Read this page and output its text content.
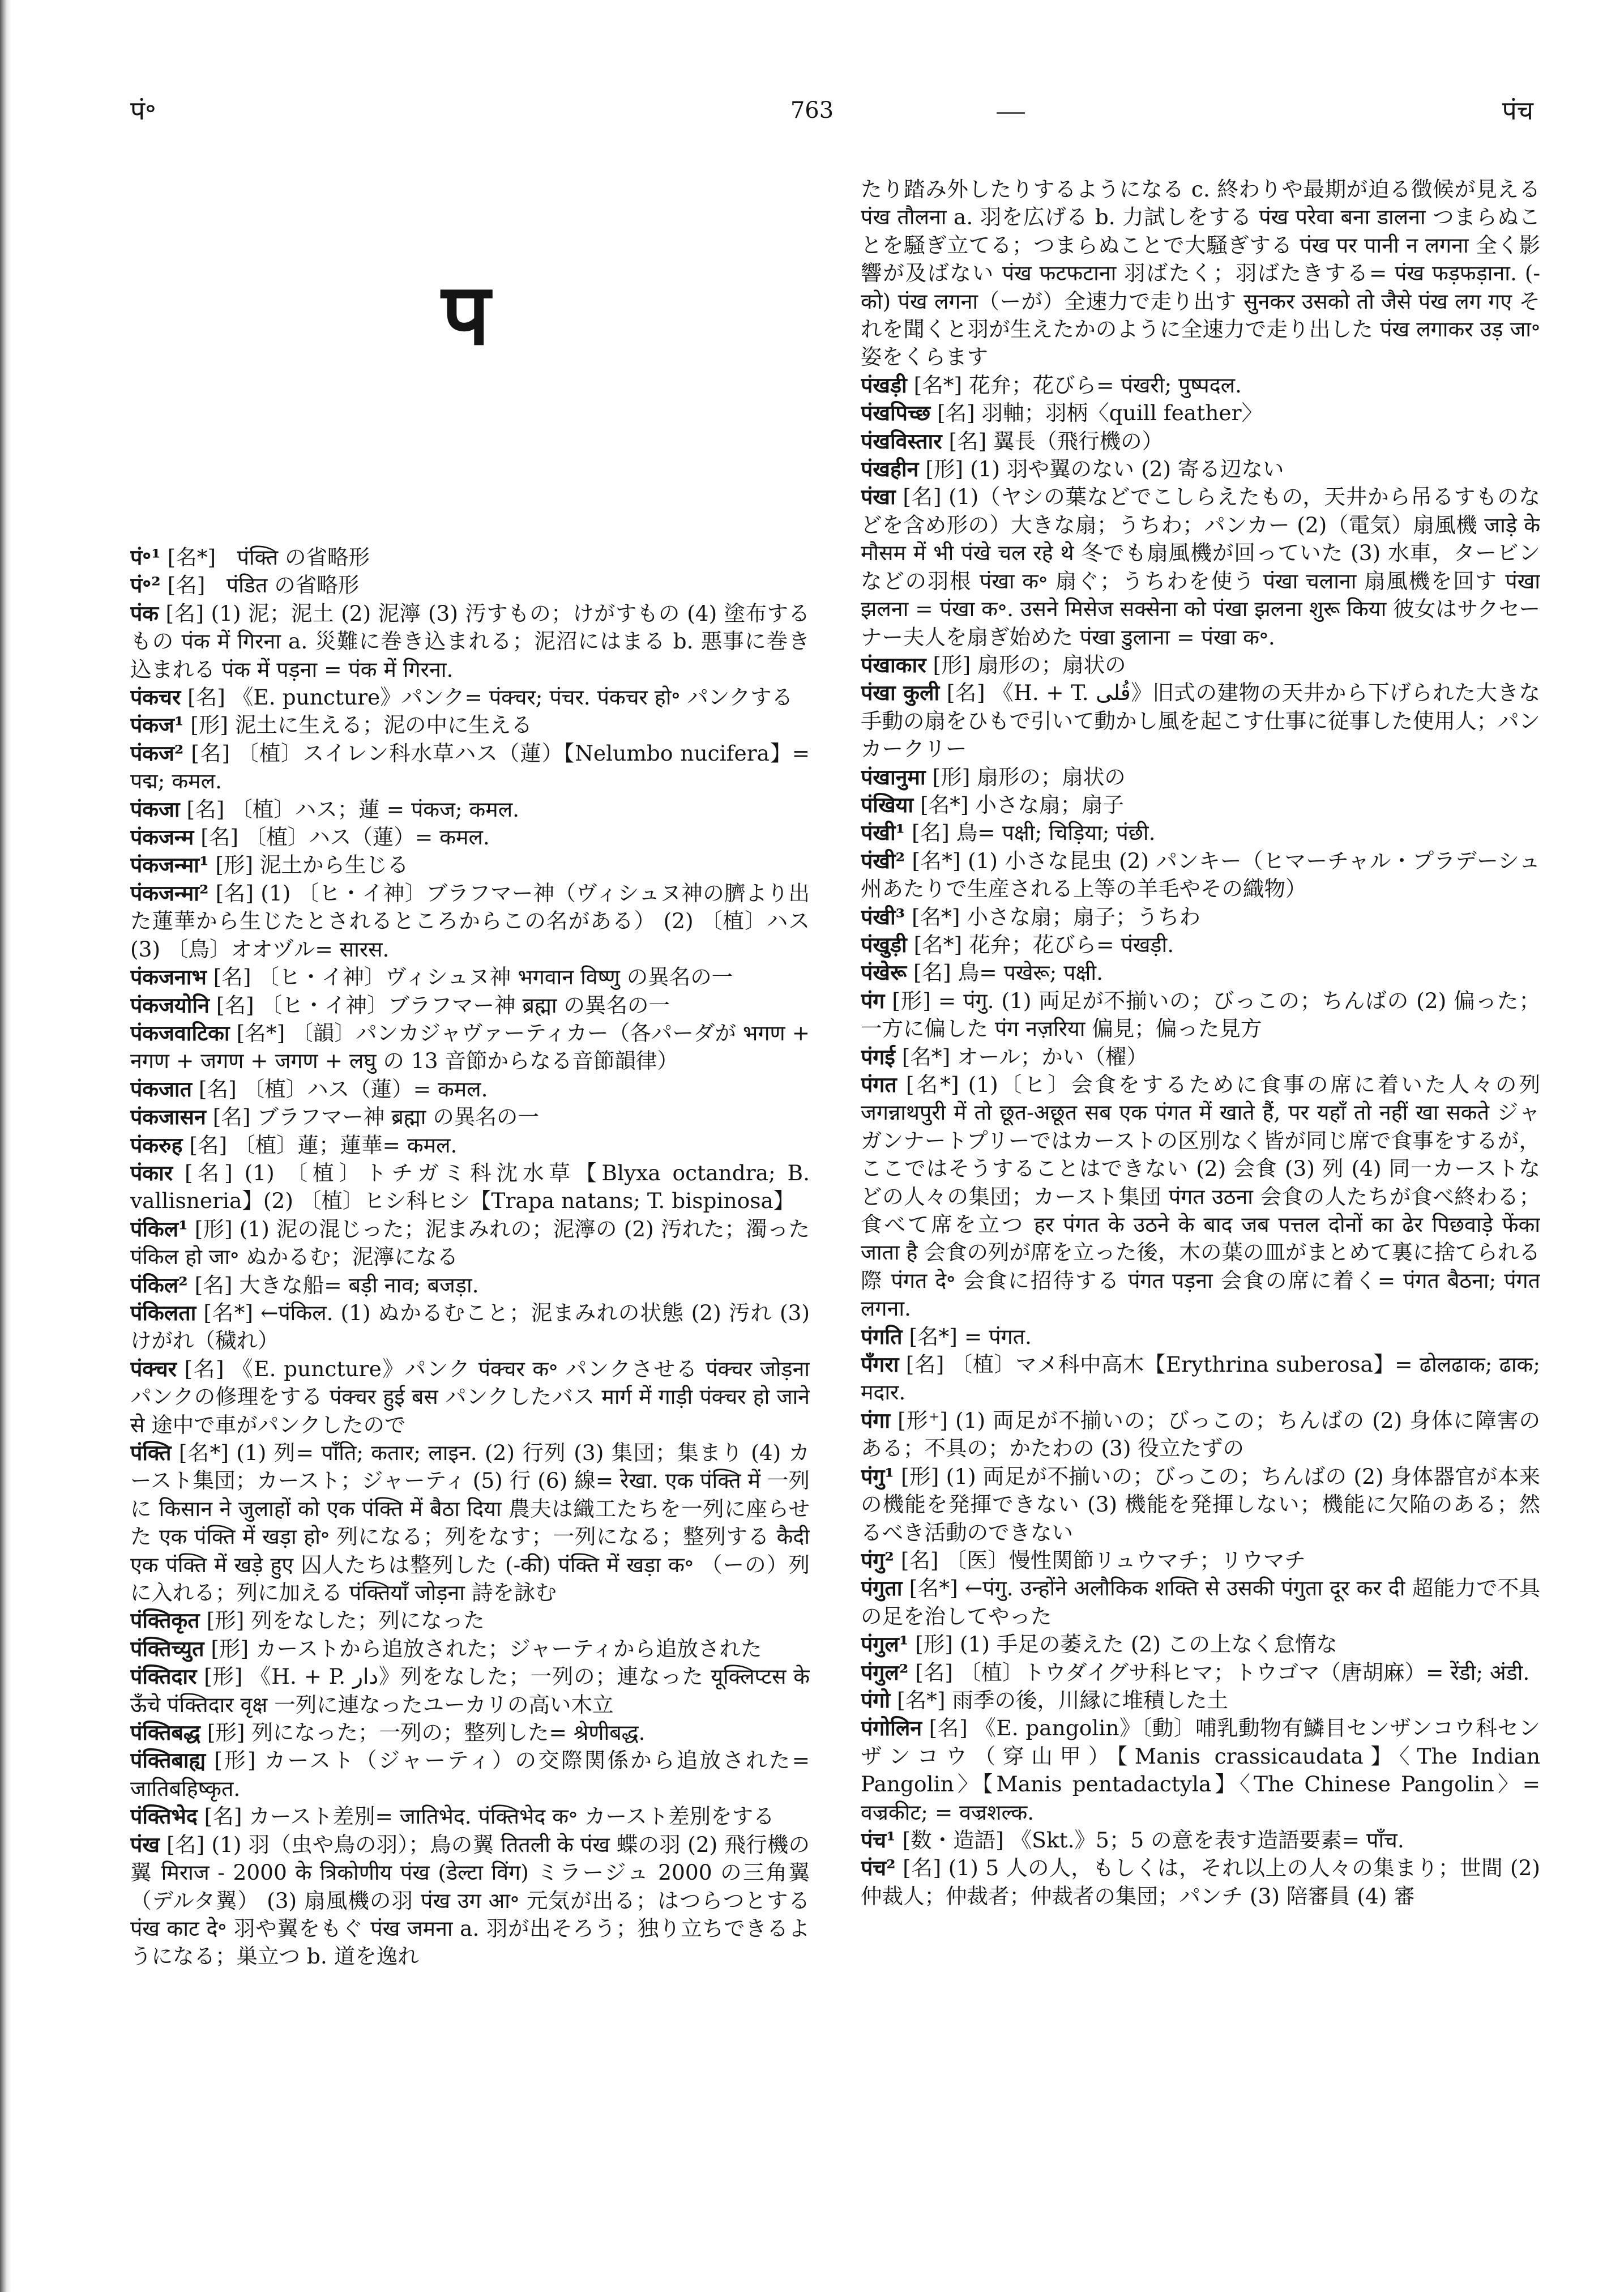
पं॰	763	पंच
प

पं॰¹ [名*]　पंक्ति の省略形

पं॰² [名]　पंडित の省略形

पंक [名] (1) 泥；泥土 (2) 泥濘 (3) 汚すもの；けがすもの (4) 塗布するもの पंक में गिरना a. 災難に巻き込まれる；泥沼にはまる b. 悪事に巻き込まれる पंक में पड़ना = पंक में गिरना.

पंकचर [名] 《E. puncture》パンク= पंक्चर; पंचर. पंकचर हो॰ パンクする

पंकज¹ [形] 泥土に生える；泥の中に生える

पंकज² [名] 〔植〕スイレン科水草ハス（蓮）【Nelumbo nucifera】= पद्म; कमल.

पंकजा [名] 〔植〕ハス；蓮 = पंकज; कमल.

पंकजन्म [名] 〔植〕ハス（蓮）= कमल.

पंकजन्मा¹ [形] 泥土から生じる

पंकजन्मा² [名] (1) 〔ヒ・イ神〕ブラフマー神（ヴィシュヌ神の臍より出た蓮華から生じたとされるところからこの名がある） (2) 〔植〕ハス (3) 〔鳥〕オオヅル= सारस.

पंकजनाभ [名] 〔ヒ・イ神〕ヴィシュヌ神 भगवान विष्णु の異名の一

पंकजयोनि [名] 〔ヒ・イ神〕ブラフマー神 ब्रह्मा の異名の一

पंकजवाटिका [名*] 〔韻〕パンカジャヴァーティカー（各パーダが भगण + नगण + जगण + जगण + लघु の 13 音節からなる音節韻律）

पंकजात [名] 〔植〕ハス（蓮）= कमल.

पंकजासन [名] ブラフマー神 ब्रह्मा の異名の一

पंकरुह [名] 〔植〕蓮；蓮華= कमल.

पंकार [名] (1) 〔植〕トチガミ科沈水草【Blyxa octandra; B. vallisneria】(2) 〔植〕ヒシ科ヒシ【Trapa natans; T. bispinosa】

पंकिल¹ [形] (1) 泥の混じった；泥まみれの；泥濘の (2) 汚れた；濁った पंकिल हो जा॰ ぬかるむ；泥濘になる

पंकिल² [名] 大きな船= बड़ी नाव; बजड़ा.

पंकिलता [名*] ←पंकिल. (1) ぬかるむこと；泥まみれの状態 (2) 汚れ (3) けがれ（穢れ）

पंक्चर [名] 《E. puncture》パンク पंक्चर क॰ パンクさせる पंक्चर जोड़ना パンクの修理をする पंक्चर हुई बस パンクしたバス मार्ग में गाड़ी पंक्चर हो जाने से 途中で車がパンクしたので

पंक्ति [名*] (1) 列= पाँति; कतार; लाइन. (2) 行列 (3) 集団；集まり (4) カースト集団；カースト；ジャーティ (5) 行 (6) 線= रेखा. एक पंक्ति में 一列に किसान ने जुलाहों को एक पंक्ति में बैठा दिया 農夫は織工たちを一列に座らせた एक पंक्ति में खड़ा हो॰ 列になる；列をなす；一列になる；整列する कैदी एक पंक्ति में खड़े हुए 囚人たちは整列した (-की) पंक्ति में खड़ा क॰ （ーの）列に入れる；列に加える पंक्तियाँ जोड़ना 詩を詠む

पंक्तिकृत [形] 列をなした；列になった

पंक्तिच्युत [形] カーストから追放された；ジャーティから追放された

पंक्तिदार [形] 《H. + P. دار》列をなした；一列の；連なった यूक्लिप्टस के ऊँचे पंक्तिदार वृक्ष 一列に連なったユーカリの高い木立

पंक्तिबद्ध [形] 列になった；一列の；整列した= श्रेणीबद्ध.

पंक्तिबाह्य [形] カースト（ジャーティ）の交際関係から追放された= जातिबहिष्कृत.

पंक्तिभेद [名] カースト差別= जातिभेद. पंक्तिभेद क॰ カースト差別をする

पंख [名] (1) 羽（虫や鳥の羽）；鳥の翼 तितली के पंख 蝶の羽 (2) 飛行機の翼 मिराज - 2000 के त्रिकोणीय पंख (डेल्टा विंग) ミラージュ 2000 の三角翼（デルタ翼） (3) 扇風機の羽 पंख उग आ॰ 元気が出る；はつらつとする पंख काट दे॰ 羽や翼をもぐ पंख जमना a. 羽が出そろう；独り立ちできるようになる；巣立つ b. 道を逸れ

たり踏み外したりするようになる c. 終わりや最期が迫る徴候が見える पंख तौलना a. 羽を広げる b. 力試しをする पंख परेवा बना डालना つまらぬことを騒ぎ立てる；つまらぬことで大騒ぎする पंख पर पानी न लगना 全く影響が及ばない पंख फटफटाना 羽ばたく；羽ばたきする= पंख फड़फड़ाना. (-को) पंख लगना（ーが）全速力で走り出す सुनकर उसको तो जैसे पंख लग गए それを聞くと羽が生えたかのように全速力で走り出した पंख लगाकर उड़ जा॰ 姿をくらます

पंखड़ी [名*] 花弁；花びら= पंखरी; पुष्पदल.

पंखपिच्छ [名] 羽軸；羽柄〈quill feather〉

पंखविस्तार [名] 翼長（飛行機の）

पंखहीन [形] (1) 羽や翼のない (2) 寄る辺ない

पंखा [名] (1)（ヤシの葉などでこしらえたもの，天井から吊るすものなどを含め形の）大きな扇；うちわ；パンカー (2)（電気）扇風機 जाड़े के मौसम में भी पंखे चल रहे थे 冬でも扇風機が回っていた (3) 水車，タービンなどの羽根 पंखा क॰ 扇ぐ；うちわを使う पंखा चलाना 扇風機を回す पंखा झलना = पंखा क॰. उसने मिसेज सक्सेना को पंखा झलना शुरू किया 彼女はサクセーナー夫人を扇ぎ始めた पंखा डुलाना = पंखा क॰.

पंखाकार [形] 扇形の；扇状の

पंखा कुली [名] 《H. + T. قُلی》旧式の建物の天井から下げられた大きな手動の扇をひもで引いて動かし風を起こす仕事に従事した使用人；パンカークリー

पंखानुमा [形] 扇形の；扇状の

पंखिया [名*] 小さな扇；扇子

पंखी¹ [名] 鳥= पक्षी; चिड़िया; पंछी.

पंखी² [名*] (1) 小さな昆虫 (2) パンキー（ヒマーチャル・プラデーシュ州あたりで生産される上等の羊毛やその織物）

पंखी³ [名*] 小さな扇；扇子；うちわ

पंखुड़ी [名*] 花弁；花びら= पंखड़ी.

पंखेरू [名] 鳥= पखेरू; पक्षी.

पंग [形] = पंगु. (1) 両足が不揃いの；びっこの；ちんばの (2) 偏った；一方に偏した पंग नज़रिया 偏見；偏った見方

पंगई [名*] オール；かい（櫂）

पंगत [名*] (1)〔ヒ〕会食をするために食事の席に着いた人々の列 जगन्नाथपुरी में तो छूत-अछूत सब एक पंगत में खाते हैं, पर यहाँ तो नहीं खा सकते ジャガンナートプリーではカーストの区別なく皆が同じ席で食事をするが，ここではそうすることはできない (2) 会食 (3) 列 (4) 同一カーストなどの人々の集団；カースト集団 पंगत उठना 会食の人たちが食べ終わる；食べて席を立つ हर पंगत के उठने के बाद जब पत्तल दोनों का ढेर पिछवाड़े फेंका जाता है 会食の列が席を立った後，木の葉の皿がまとめて裏に捨てられる際 पंगत दे॰ 会食に招待する पंगत पड़ना 会食の席に着く= पंगत बैठना; पंगत लगना.

पंगति [名*] = पंगत.

पँगरा [名] 〔植〕マメ科中高木【Erythrina suberosa】= ढोलढाक; ढाक; मदार.

पंगा [形⁺] (1) 両足が不揃いの；びっこの；ちんばの (2) 身体に障害のある；不具の；かたわの (3) 役立たずの

पंगु¹ [形] (1) 両足が不揃いの；びっこの；ちんばの (2) 身体器官が本来の機能を発揮できない (3) 機能を発揮しない；機能に欠陥のある；然るべき活動のできない

पंगु² [名] 〔医〕慢性関節リュウマチ；リウマチ

पंगुता [名*] ←पंगु. उन्होंने अलौकिक शक्ति से उसकी पंगुता दूर कर दी 超能力で不具の足を治してやった

पंगुल¹ [形] (1) 手足の萎えた (2) この上なく怠惰な

पंगुल² [名] 〔植〕トウダイグサ科ヒマ；トウゴマ（唐胡麻）= रेंडी; अंडी.

पंगो [名*] 雨季の後，川縁に堆積した土

पंगोलिन [名] 《E. pangolin》〔動〕哺乳動物有鱗目センザンコウ科センザンコウ（穿山甲）【Manis crassicaudata】〈The Indian Pangolin〉【Manis pentadactyla】〈The Chinese Pangolin〉= वज्रकीट; = वज्रशल्क.

पंच¹ [数・造語] 《Skt.》5；5 の意を表す造語要素= पाँच.

पंच² [名] (1) 5 人の人，もしくは，それ以上の人々の集まり；世間 (2) 仲裁人；仲裁者；仲裁者の集団；パンチ (3) 陪審員 (4) 審
